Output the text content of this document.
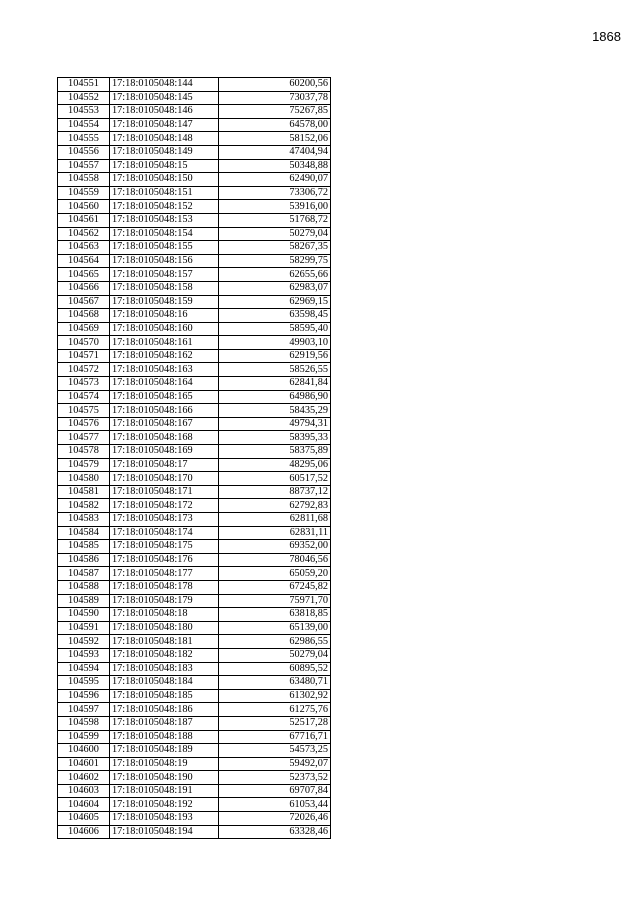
1868
104551	17:18:0105048:144	60200,56
104552	17:18:0105048:145	73037,78
104553	17:18:0105048:146	75267,85
104554	17:18:0105048:147	64578,00
104555	17:18:0105048:148	58152,06
104556	17:18:0105048:149	47404,94
104557	17:18:0105048:15	50348,88
104558	17:18:0105048:150	62490,07
104559	17:18:0105048:151	73306,72
104560	17:18:0105048:152	53916,00
104561	17:18:0105048:153	51768,72
104562	17:18:0105048:154	50279,04
104563	17:18:0105048:155	58267,35
104564	17:18:0105048:156	58299,75
104565	17:18:0105048:157	62655,66
104566	17:18:0105048:158	62983,07
104567	17:18:0105048:159	62969,15
104568	17:18:0105048:16	63598,45
104569	17:18:0105048:160	58595,40
104570	17:18:0105048:161	49903,10
104571	17:18:0105048:162	62919,56
104572	17:18:0105048:163	58526,55
104573	17:18:0105048:164	62841,84
104574	17:18:0105048:165	64986,90
104575	17:18:0105048:166	58435,29
104576	17:18:0105048:167	49794,31
104577	17:18:0105048:168	58395,33
104578	17:18:0105048:169	58375,89
104579	17:18:0105048:17	48295,06
104580	17:18:0105048:170	60517,52
104581	17:18:0105048:171	88737,12
104582	17:18:0105048:172	62792,83
104583	17:18:0105048:173	62811,68
104584	17:18:0105048:174	62831,11
104585	17:18:0105048:175	69352,00
104586	17:18:0105048:176	78046,56
104587	17:18:0105048:177	65059,20
104588	17:18:0105048:178	67245,82
104589	17:18:0105048:179	75971,70
104590	17:18:0105048:18	63818,85
104591	17:18:0105048:180	65139,00
104592	17:18:0105048:181	62986,55
104593	17:18:0105048:182	50279,04
104594	17:18:0105048:183	60895,52
104595	17:18:0105048:184	63480,71
104596	17:18:0105048:185	61302,92
104597	17:18:0105048:186	61275,76
104598	17:18:0105048:187	52517,28
104599	17:18:0105048:188	67716,71
104600	17:18:0105048:189	54573,25
104601	17:18:0105048:19	59492,07
104602	17:18:0105048:190	52373,52
104603	17:18:0105048:191	69707,84
104604	17:18:0105048:192	61053,44
104605	17:18:0105048:193	72026,46
104606	17:18:0105048:194	63328,46
